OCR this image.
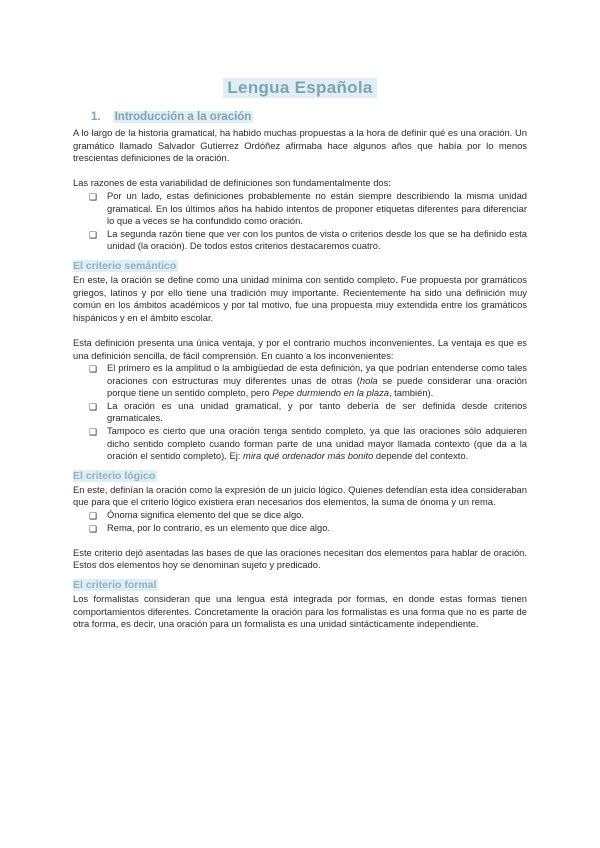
Lengua Española
1. Introducción a la oración

A lo largo de la historia gramatical, ha habido muchas propuestas a la hora de definir qué es una oración. Un gramático llamado Salvador Gutierrez Ordóñez afirmaba hace algunos años que había por lo menos trescientas definiciones de la oración.

Las razones de esta variabilidad de definiciones son fundamentalmente dos:

❑ Por un lado, estas definiciones probablemente no están siempre describiendo la misma unidad gramatical. En los últimos años ha habido intentos de proponer etiquetas diferentes para diferenciar lo que a veces se ha confundido como oración.
❑ La segunda razón tiene que ver con los puntos de vista o criterios desde los que se ha definido esta unidad (la oración). De todos estos criterios destacaremos cuatro.
El criterio semántico

En este, la oración se define como una unidad mínima con sentido completo. Fue propuesta por gramáticos griegos, latinos y por ello tiene una tradición muy importante. Recientemente ha sido una definición muy común en los ámbitos académicos y por tal motivo, fue una propuesta muy extendida entre los gramáticos hispánicos y en el ámbito escolar.

Esta definición presenta una única ventaja, y por el contrario muchos inconvenientes. La ventaja es que es una definición sencilla, de fácil comprensión. En cuanto a los inconvenientes:

❑ El primero es la amplitud o la ambigüedad de esta definición, ya que podrían entenderse como tales oraciones con estructuras muy diferentes unas de otras (hola se puede considerar una oración porque tiene un sentido completo, pero Pepe durmiendo en la plaza, también).
❑ La oración es una unidad gramatical, y por tanto debería de ser definida desde criterios gramaticales.
❑ Tampoco es cierto que una oración tenga sentido completo, ya que las oraciones sólo adquieren dicho sentido completo cuando forman parte de una unidad mayor llamada contexto (que da a la oración el sentido completo). Ej: mira qué ordenador más bonito depende del contexto.
El criterio lógico

En este, definían la oración como la expresión de un juicio lógico. Quienes defendían esta idea consideraban que para que el criterio lógico existiera eran necesarios dos elementos, la suma de ónoma y un rema.

❑ Ónoma significa elemento del que se dice algo.
❑ Rema, por lo contrario, es un elemento que dice algo.

Este criterio dejó asentadas las bases de que las oraciones necesitan dos elementos para hablar de oración. Estos dos elementos hoy se denominan sujeto y predicado.

El criterio formal

Los formalistas consideran que una lengua está integrada por formas, en donde estas formas tienen comportamientos diferentes. Concretamente la oración para los formalistas es una forma que no es parte de otra forma, es decir, una oración para un formalista es una unidad sintácticamente independiente.
